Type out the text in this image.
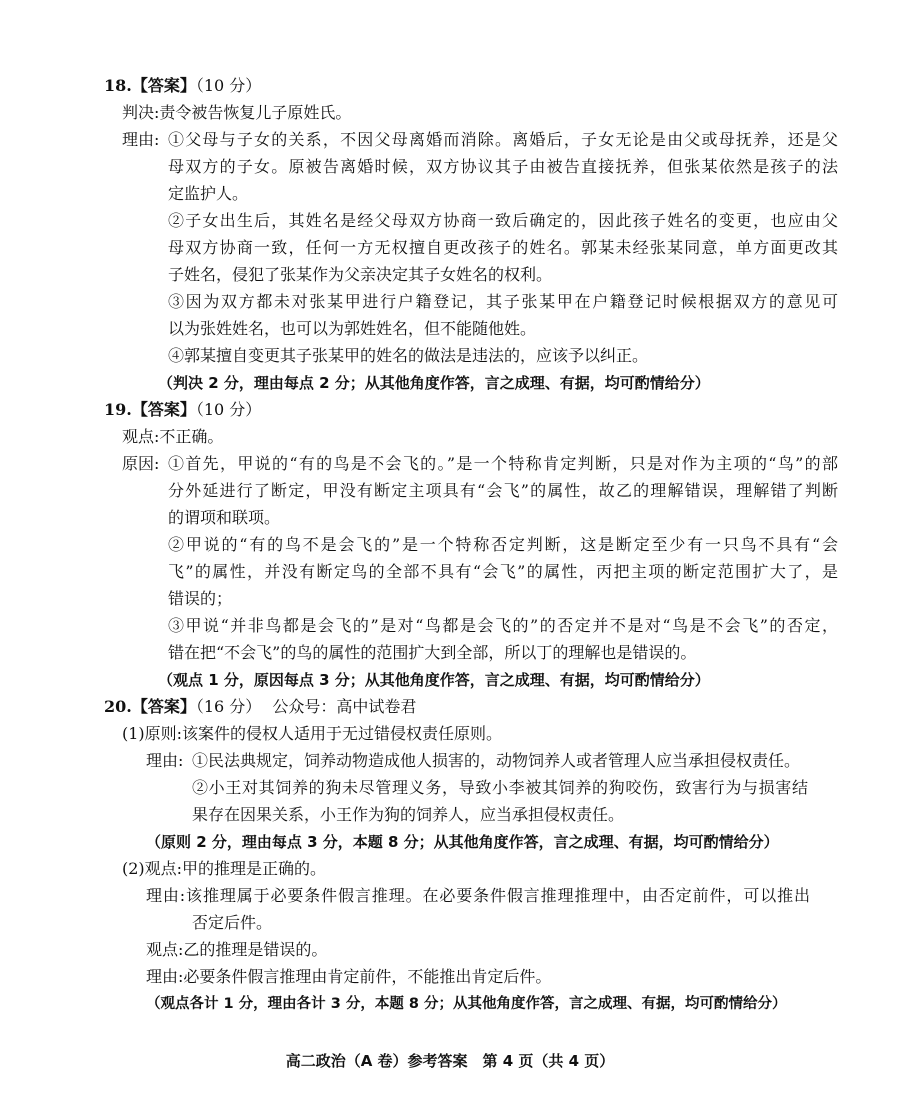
18.【答案】（10 分）
判决:责令被告恢复儿子原姓氏。
理由: ①父母与子女的关系，不因父母离婚而消除。离婚后，子女无论是由父或母抚养，还是父
母双方的子女。原被告离婚时候，双方协议其子由被告直接抚养，但张某依然是孩子的法
定监护人。
②子女出生后，其姓名是经父母双方协商一致后确定的，因此孩子姓名的变更，也应由父
母双方协商一致，任何一方无权擅自更改孩子的姓名。郭某未经张某同意，单方面更改其
子姓名，侵犯了张某作为父亲决定其子女姓名的权利。
③因为双方都未对张某甲进行户籍登记，其子张某甲在户籍登记时候根据双方的意见可
以为张姓姓名，也可以为郭姓姓名，但不能随他姓。
④郭某擅自变更其子张某甲的姓名的做法是违法的，应该予以纠正。
（判决 2 分，理由每点 2 分；从其他角度作答，言之成理、有据，均可酌情给分）
19.【答案】（10 分）
观点:不正确。
原因: ①首先，甲说的“有的鸟是不会飞的。”是一个特称肯定判断，只是对作为主项的“鸟”的部
分外延进行了断定，甲没有断定主项具有“会飞”的属性，故乙的理解错误，理解错了判断
的谓项和联项。
②甲说的“有的鸟不是会飞的”是一个特称否定判断，这是断定至少有一只鸟不具有“会
飞”的属性，并没有断定鸟的全部不具有“会飞”的属性，丙把主项的断定范围扩大了，是
错误的；
③甲说“并非鸟都是会飞的”是对“鸟都是会飞的”的否定并不是对“鸟是不会飞”的否定，
错在把“不会飞”的鸟的属性的范围扩大到全部，所以丁的理解也是错误的。
（观点 1 分，原因每点 3 分；从其他角度作答，言之成理、有据，均可酌情给分）
20.【答案】（16 分） 公众号：高中试卷君
(1)原则:该案件的侵权人适用于无过错侵权责任原则。
理由: ①民法典规定，饲养动物造成他人损害的，动物饲养人或者管理人应当承担侵权责任。
②小王对其饲养的狗未尽管理义务，导致小李被其饲养的狗咬伤，致害行为与损害结
果存在因果关系，小王作为狗的饲养人，应当承担侵权责任。
（原则 2 分，理由每点 3 分，本题 8 分；从其他角度作答，言之成理、有据，均可酌情给分）
(2)观点:甲的推理是正确的。
理由:该推理属于必要条件假言推理。在必要条件假言推理推理中，由否定前件，可以推出
否定后件。
观点:乙的推理是错误的。
理由:必要条件假言推理由肯定前件，不能推出肯定后件。
（观点各计 1 分，理由各计 3 分，本题 8 分；从其他角度作答，言之成理、有据，均可酌情给分）
高二政治（A 卷）参考答案　第 4 页（共 4 页）
